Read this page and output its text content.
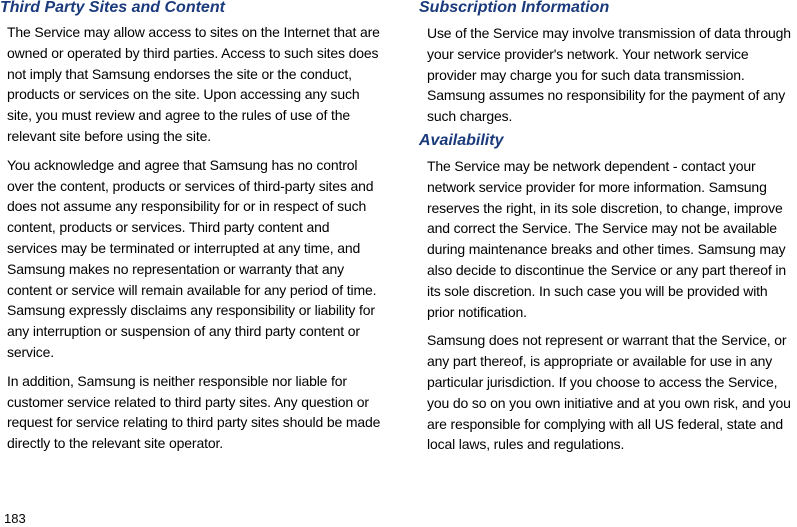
Third Party Sites and Content

The Service may allow access to sites on the Internet that are owned or operated by third parties. Access to such sites does not imply that Samsung endorses the site or the conduct, products or services on the site. Upon accessing any such site, you must review and agree to the rules of use of the relevant site before using the site.

You acknowledge and agree that Samsung has no control over the content, products or services of third-party sites and does not assume any responsibility for or in respect of such content, products or services. Third party content and services may be terminated or interrupted at any time, and Samsung makes no representation or warranty that any content or service will remain available for any period of time. Samsung expressly disclaims any responsibility or liability for any interruption or suspension of any third party content or service.

In addition, Samsung is neither responsible nor liable for customer service related to third party sites. Any question or request for service relating to third party sites should be made directly to the relevant site operator.

Subscription Information

Use of the Service may involve transmission of data through your service provider's network. Your network service provider may charge you for such data transmission. Samsung assumes no responsibility for the payment of any such charges.

Availability

The Service may be network dependent - contact your network service provider for more information. Samsung reserves the right, in its sole discretion, to change, improve and correct the Service. The Service may not be available during maintenance breaks and other times. Samsung may also decide to discontinue the Service or any part thereof in its sole discretion. In such case you will be provided with prior notification.

Samsung does not represent or warrant that the Service, or any part thereof, is appropriate or available for use in any particular jurisdiction. If you choose to access the Service, you do so on you own initiative and at you own risk, and you are responsible for complying with all US federal, state and local laws, rules and regulations.

183
